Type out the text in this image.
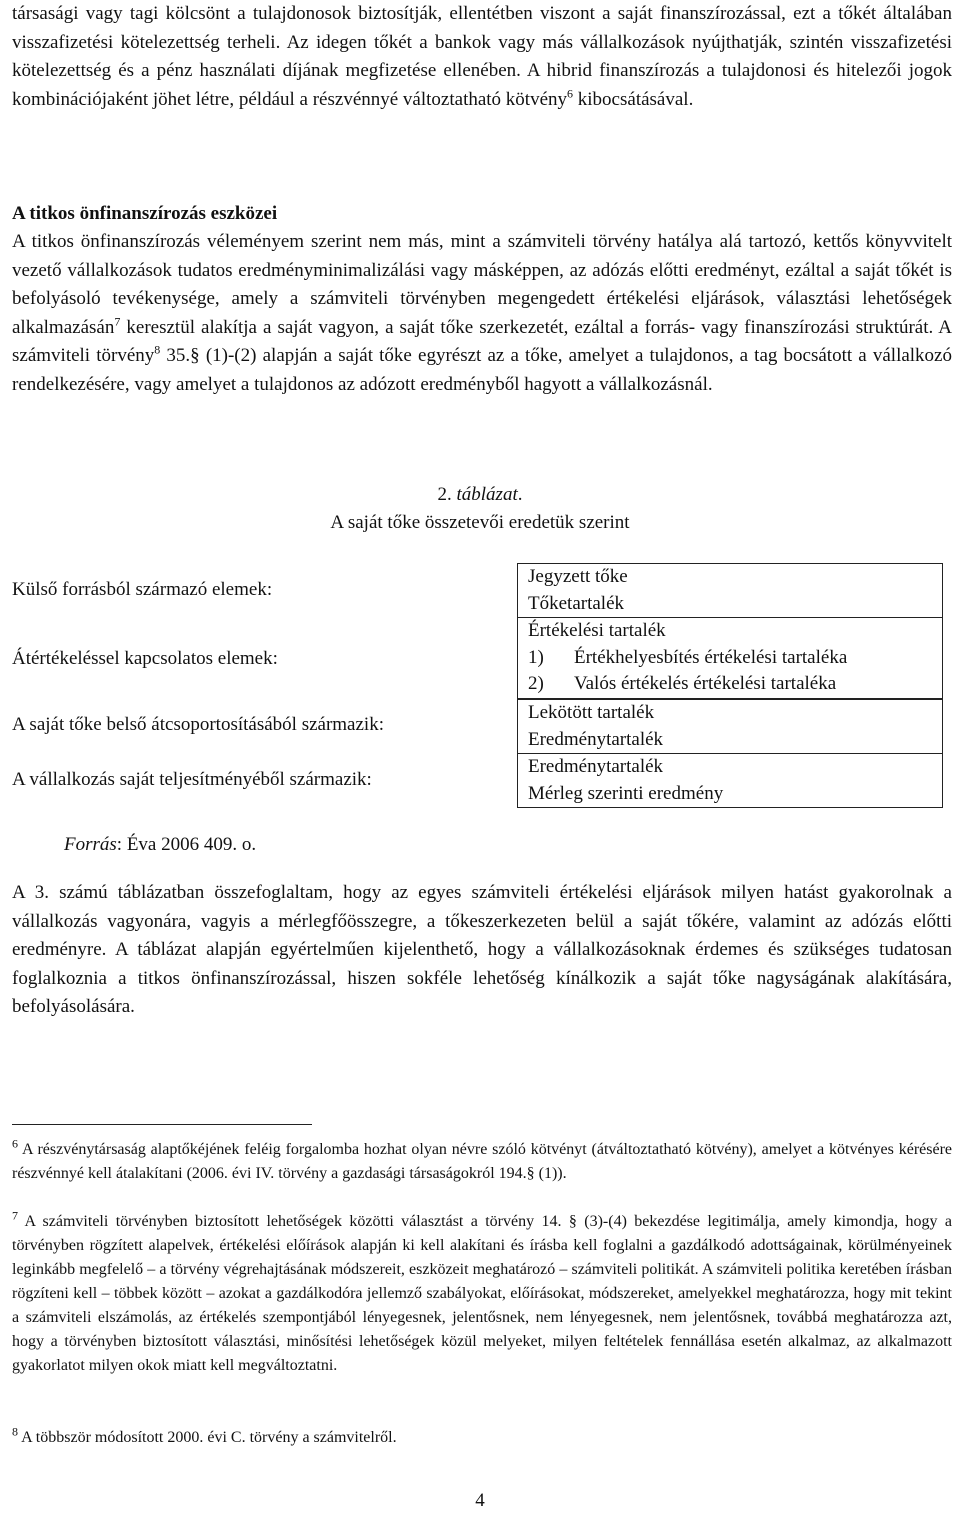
társasági vagy tagi kölcsönt a tulajdonosok biztosítják, ellentétben viszont a saját finanszírozással, ezt a tőkét általában visszafizetési kötelezettség terheli. Az idegen tőkét a bankok vagy más vállalkozások nyújthatják, szintén visszafizetési kötelezettség és a pénz használati díjának megfizetése ellenében. A hibrid finanszírozás a tulajdonosi és hitelezői jogok kombinációjaként jöhet létre, például a részvénnyé változtatható kötvény$^6$ kibocsátásával.

A titkos önfinanszírozás eszközei

A titkos önfinanszírozás véleményem szerint nem más, mint a számviteli törvény hatálya alá tartozó, kettős könyvvitelt vezető vállalkozások tudatos eredményminimalizálási vagy másképpen, az adózás előtti eredményt, ezáltal a saját tőkét is befolyásoló tevékenysége, amely a számviteli törvényben megengedett értékelési eljárások, választási lehetőségek alkalmazásán$^7$ keresztül alakítja a saját vagyon, a saját tőke szerkezetét, ezáltal a forrás- vagy finanszírozási struktúrát. A számviteli törvény$^8$ 35.§ (1)-(2) alapján a saját tőke egyrészt az a tőke, amelyet a tulajdonos, a tag bocsátott a vállalkozó rendelkezésére, vagy amelyet a tulajdonos az adózott eredményből hagyott a vállalkozásnál.

2. táblázat.
A saját tőke összetevői eredetük szerint
Külső forrásból származó elemek:
Átértékeléssel kapcsolatos elemek:
A saját tőke belső átcsoportosításából származik:
A vállalkozás saját teljesítményéből származik:
Jegyzett tőke
Tőketartalék
Értékelési tartalék
1) Értékhelyesbítés értékelési tartaléka
2) Valós értékelés értékelési tartaléka
Lekötött tartalék
Eredménytartalék
Eredménytartalék
Mérleg szerinti eredmény
Forrás: Éva 2006 409. o.

A 3. számú táblázatban összefoglaltam, hogy az egyes számviteli értékelési eljárások milyen hatást gyakorolnak a vállalkozás vagyonára, vagyis a mérlegfőösszegre, a tőkeszerkezeten belül a saját tőkére, valamint az adózás előtti eredményre. A táblázat alapján egyértelműen kijelenthető, hogy a vállalkozásoknak érdemes és szükséges tudatosan foglalkoznia a titkos önfinanszírozással, hiszen sokféle lehetőség kínálkozik a saját tőke nagyságának alakítására, befolyásolására.

$^6$ A részvénytársaság alaptőkéjének feléig forgalomba hozhat olyan névre szóló kötvényt (átváltoztatható kötvény), amelyet a kötvényes kérésére részvénnyé kell átalakítani (2006. évi IV. törvény a gazdasági társaságokról 194.§ (1)).

$^7$ A számviteli törvényben biztosított lehetőségek közötti választást a törvény 14. § (3)-(4) bekezdése legitimálja, amely kimondja, hogy a törvényben rögzített alapelvek, értékelési előírások alapján ki kell alakítani és írásba kell foglalni a gazdálkodó adottságainak, körülményeinek leginkább megfelelő – a törvény végrehajtásának módszereit, eszközeit meghatározó – számviteli politikát. A számviteli politika keretében írásban rögzíteni kell – többek között – azokat a gazdálkodóra jellemző szabályokat, előírásokat, módszereket, amelyekkel meghatározza, hogy mit tekint a számviteli elszámolás, az értékelés szempontjából lényegesnek, jelentősnek, nem lényegesnek, nem jelentősnek, továbbá meghatározza azt, hogy a törvényben biztosított választási, minősítési lehetőségek közül melyeket, milyen feltételek fennállása esetén alkalmaz, az alkalmazott gyakorlatot milyen okok miatt kell megváltoztatni.

$^8$ A többször módosított 2000. évi C. törvény a számvitelről.

4
